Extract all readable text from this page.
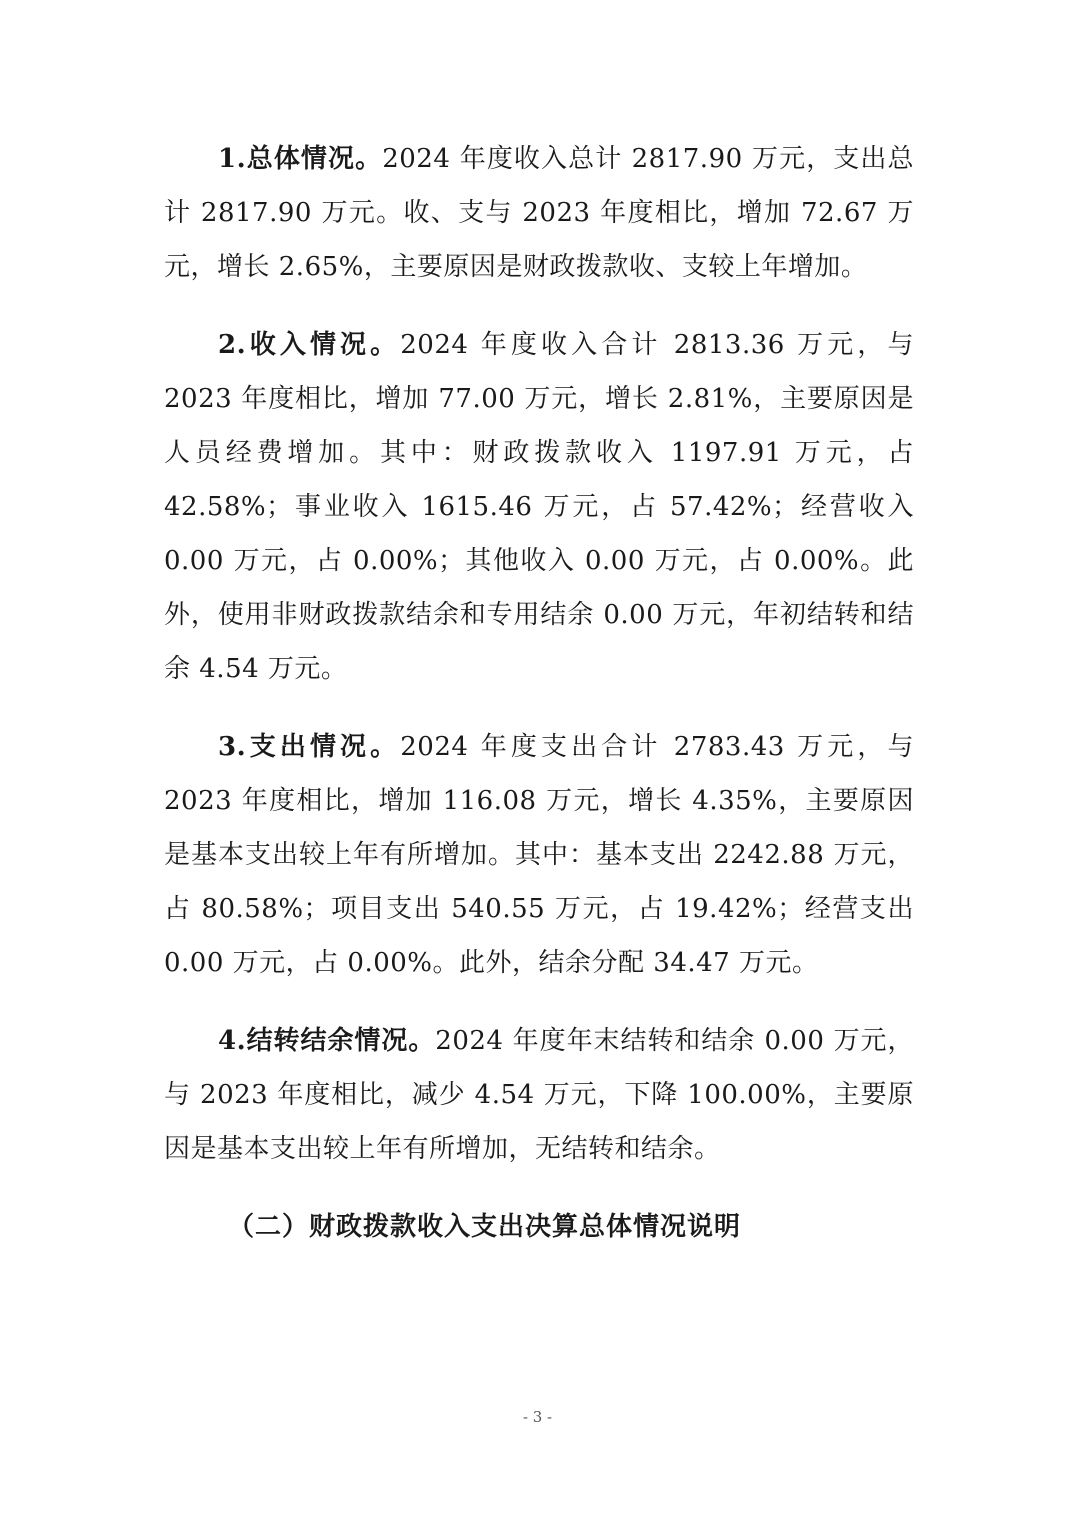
1.总体情况。2024 年度收入总计 2817.90 万元，支出总计 2817.90 万元。收、支与 2023 年度相比，增加 72.67 万元，增长 2.65%，主要原因是财政拨款收、支较上年增加。

2.收入情况。2024 年度收入合计 2813.36 万元，与 2023 年度相比，增加 77.00 万元，增长 2.81%，主要原因是人员经费增加。其中：财政拨款收入 1197.91 万元，占 42.58%；事业收入 1615.46 万元，占 57.42%；经营收入 0.00 万元，占 0.00%；其他收入 0.00 万元，占 0.00%。此外，使用非财政拨款结余和专用结余 0.00 万元，年初结转和结余 4.54 万元。

3.支出情况。2024 年度支出合计 2783.43 万元，与 2023 年度相比，增加 116.08 万元，增长 4.35%，主要原因是基本支出较上年有所增加。其中：基本支出 2242.88 万元，占 80.58%；项目支出 540.55 万元，占 19.42%；经营支出 0.00 万元，占 0.00%。此外，结余分配 34.47 万元。

4.结转结余情况。2024 年度年末结转和结余 0.00 万元，与 2023 年度相比，减少 4.54 万元，下降 100.00%，主要原因是基本支出较上年有所增加，无结转和结余。

（二）财政拨款收入支出决算总体情况说明
- 3 -
